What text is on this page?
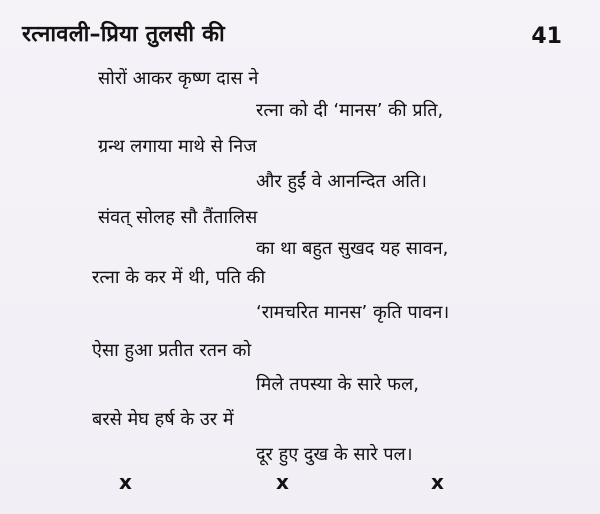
रत्नावली–प्रिया तुलसी की	41
सोरों आकर कृष्ण दास ने
रत्ना को दी ‘मानस’ की प्रति,
ग्रन्थ लगाया माथे से निज
और हुईं वे आनन्दित अति।
संवत् सोलह सौ तैंतालिस
का था बहुत सुखद यह सावन,
रत्ना के कर में थी, पति की
‘रामचरित मानस’ कृति पावन।
ऐसा हुआ प्रतीत रतन को
मिले तपस्या के सारे फल,
बरसे मेघ हर्ष के उर में
दूर हुए दुख के सारे पल।
x	x	x
